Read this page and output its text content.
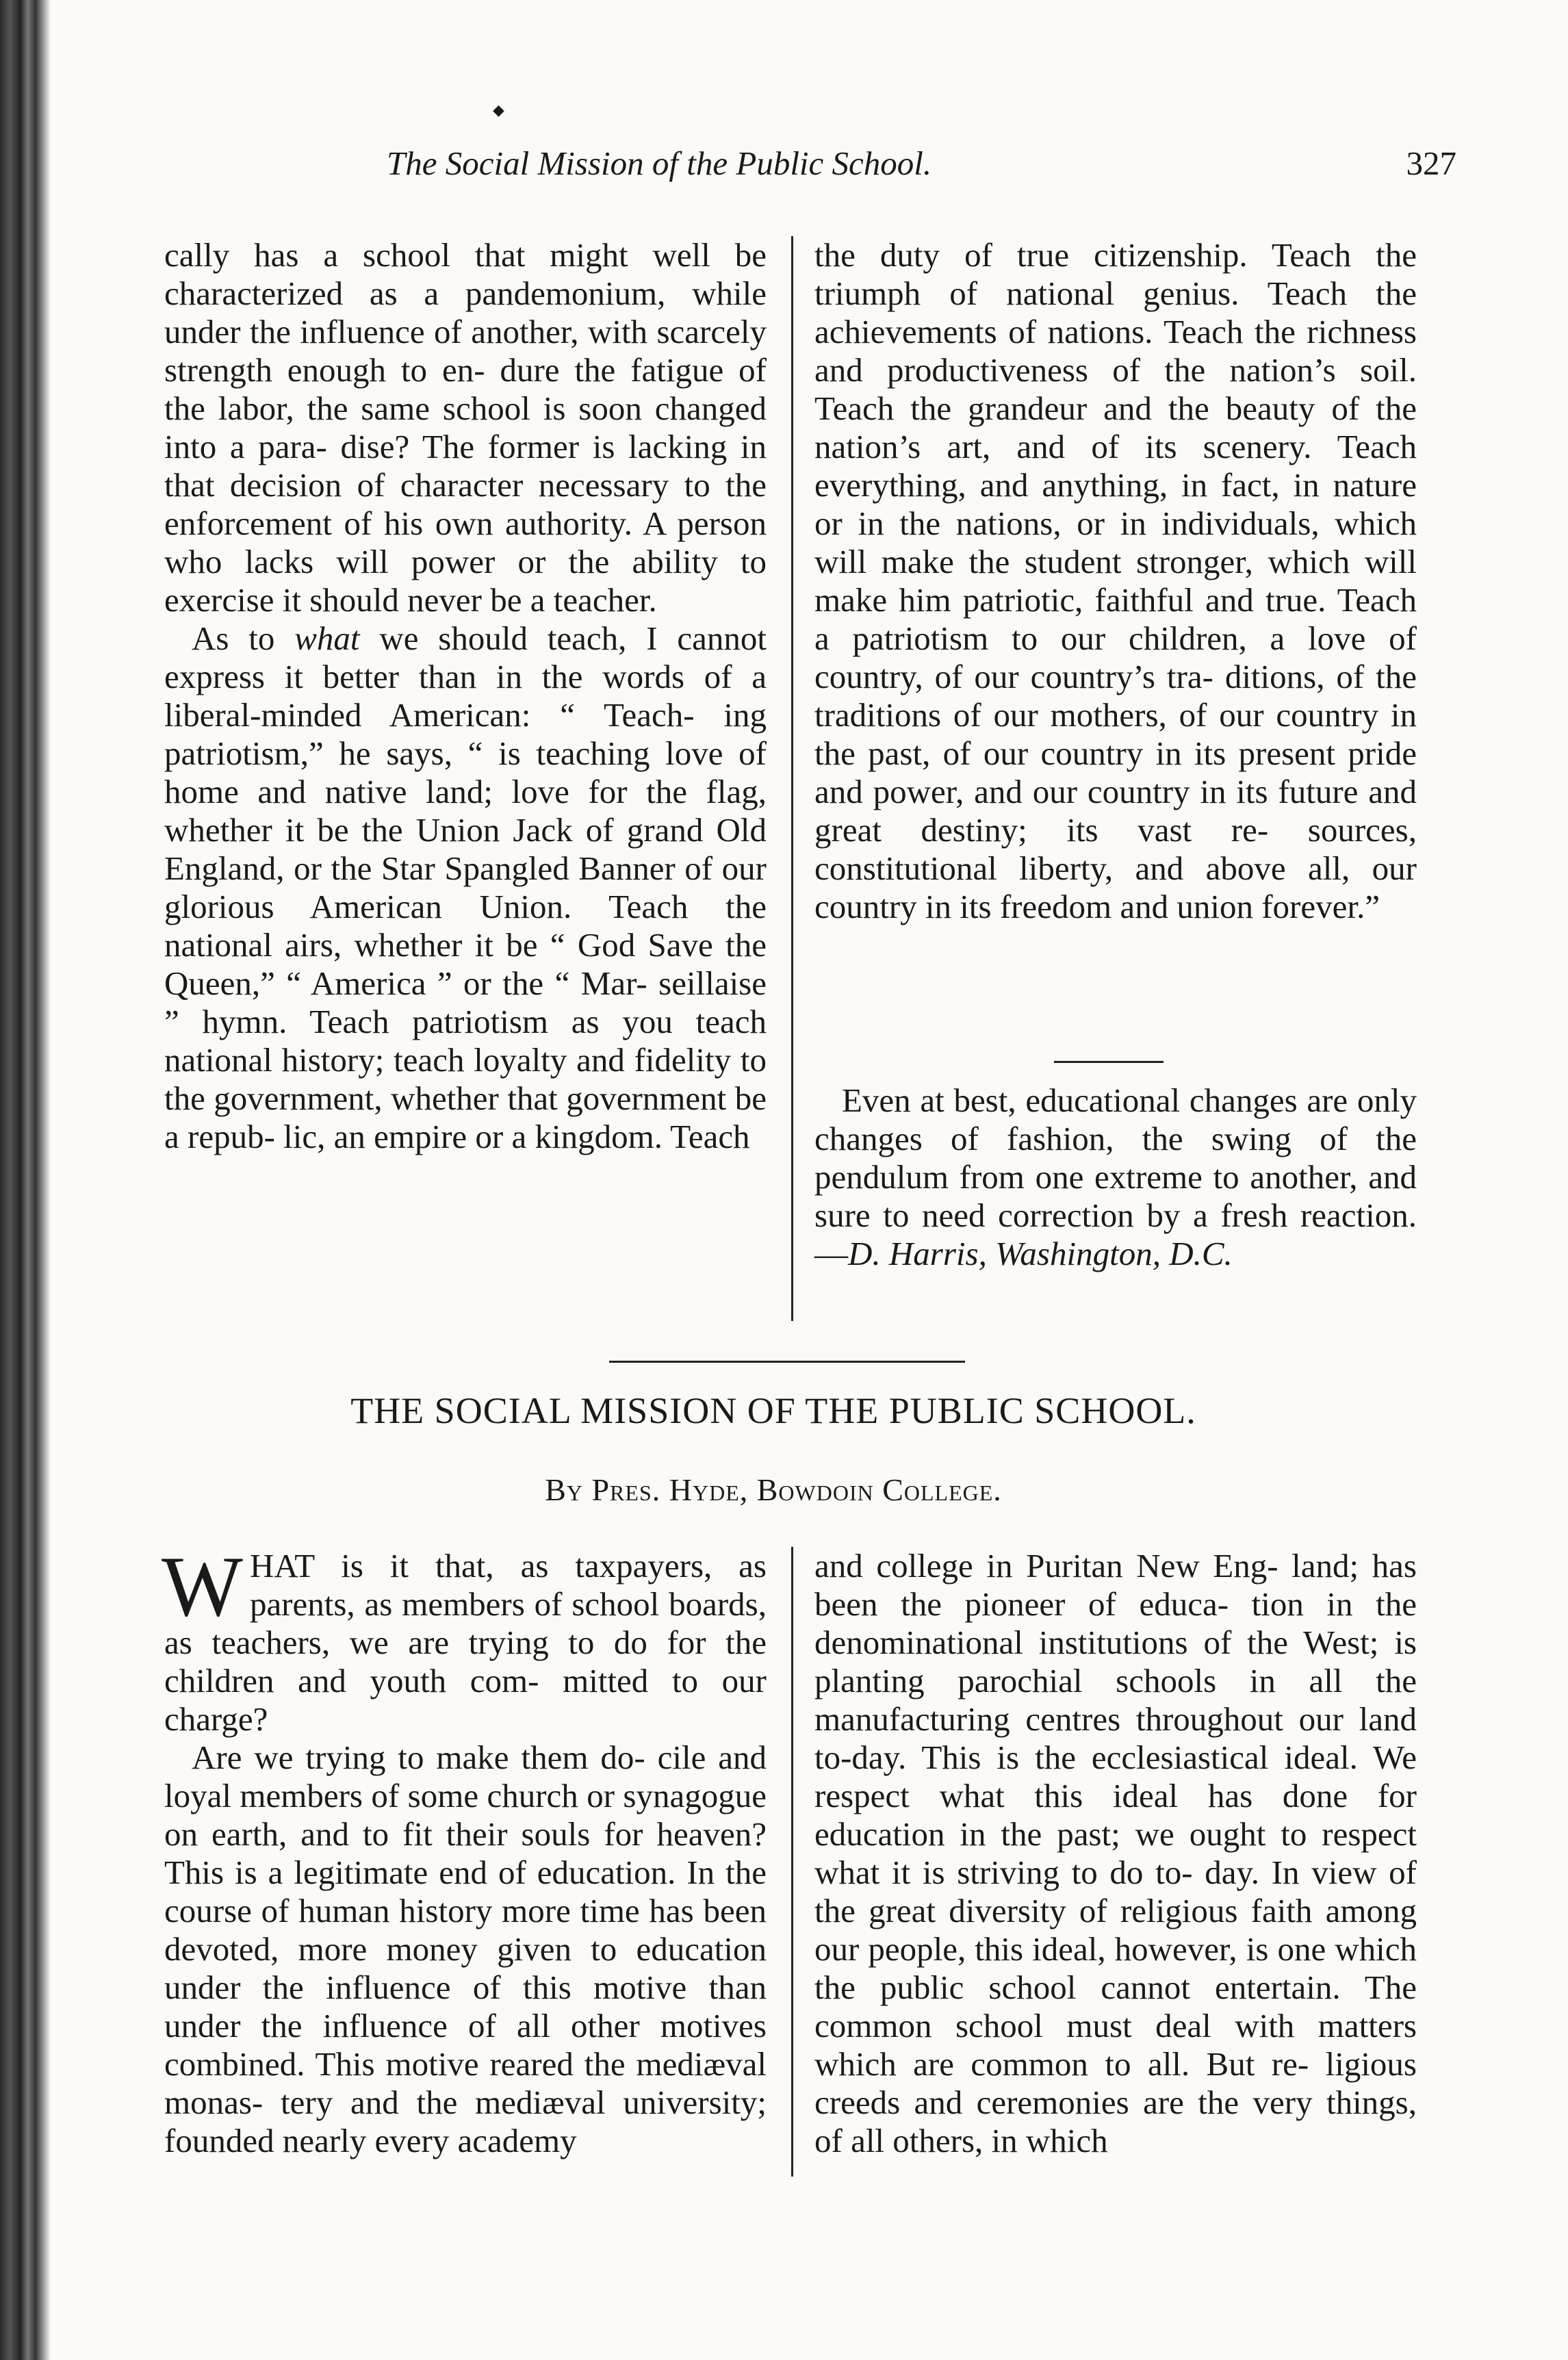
◆
The Social Mission of the Public School.	327

cally has a school that might well be characterized as a pandemonium, while under the influence of another, with scarcely strength enough to en- dure the fatigue of the labor, the same school is soon changed into a para- dise? The former is lacking in that decision of character necessary to the enforcement of his own authority. A person who lacks will power or the ability to exercise it should never be a teacher.

As to what we should teach, I cannot express it better than in the words of a liberal-minded American: “ Teach- ing patriotism,” he says, “ is teaching love of home and native land; love for the flag, whether it be the Union Jack of grand Old England, or the Star Spangled Banner of our glorious American Union. Teach the national airs, whether it be “ God Save the Queen,” “ America ” or the “ Mar- seillaise ” hymn. Teach patriotism as you teach national history; teach loyalty and fidelity to the government, whether that government be a repub- lic, an empire or a kingdom. Teach

the duty of true citizenship. Teach the triumph of national genius. Teach the achievements of nations. Teach the richness and productiveness of the nation’s soil. Teach the grandeur and the beauty of the nation’s art, and of its scenery. Teach everything, and anything, in fact, in nature or in the nations, or in individuals, which will make the student stronger, which will make him patriotic, faithful and true. Teach a patriotism to our children, a love of country, of our country’s tra- ditions, of the traditions of our mothers, of our country in the past, of our country in its present pride and power, and our country in its future and great destiny; its vast re- sources, constitutional liberty, and above all, our country in its freedom and union forever.”

Even at best, educational changes are only changes of fashion, the swing of the pendulum from one extreme to another, and sure to need correction by a fresh reaction.—D. Harris, Washington, D.C.

THE SOCIAL MISSION OF THE PUBLIC SCHOOL.
By Pres. Hyde, Bowdoin College.

WHAT is it that, as taxpayers, as parents, as members of school boards, as teachers, we are trying to do for the children and youth com- mitted to our charge?

Are we trying to make them do- cile and loyal members of some church or synagogue on earth, and to fit their souls for heaven? This is a legitimate end of education. In the course of human history more time has been devoted, more money given to education under the influence of this motive than under the influence of all other motives combined. This motive reared the mediæval monas- tery and the mediæval university; founded nearly every academy

and college in Puritan New Eng- land; has been the pioneer of educa- tion in the denominational institutions of the West; is planting parochial schools in all the manufacturing centres throughout our land to-day. This is the ecclesiastical ideal. We respect what this ideal has done for education in the past; we ought to respect what it is striving to do to- day. In view of the great diversity of religious faith among our people, this ideal, however, is one which the public school cannot entertain. The common school must deal with matters which are common to all. But re- ligious creeds and ceremonies are the very things, of all others, in which
